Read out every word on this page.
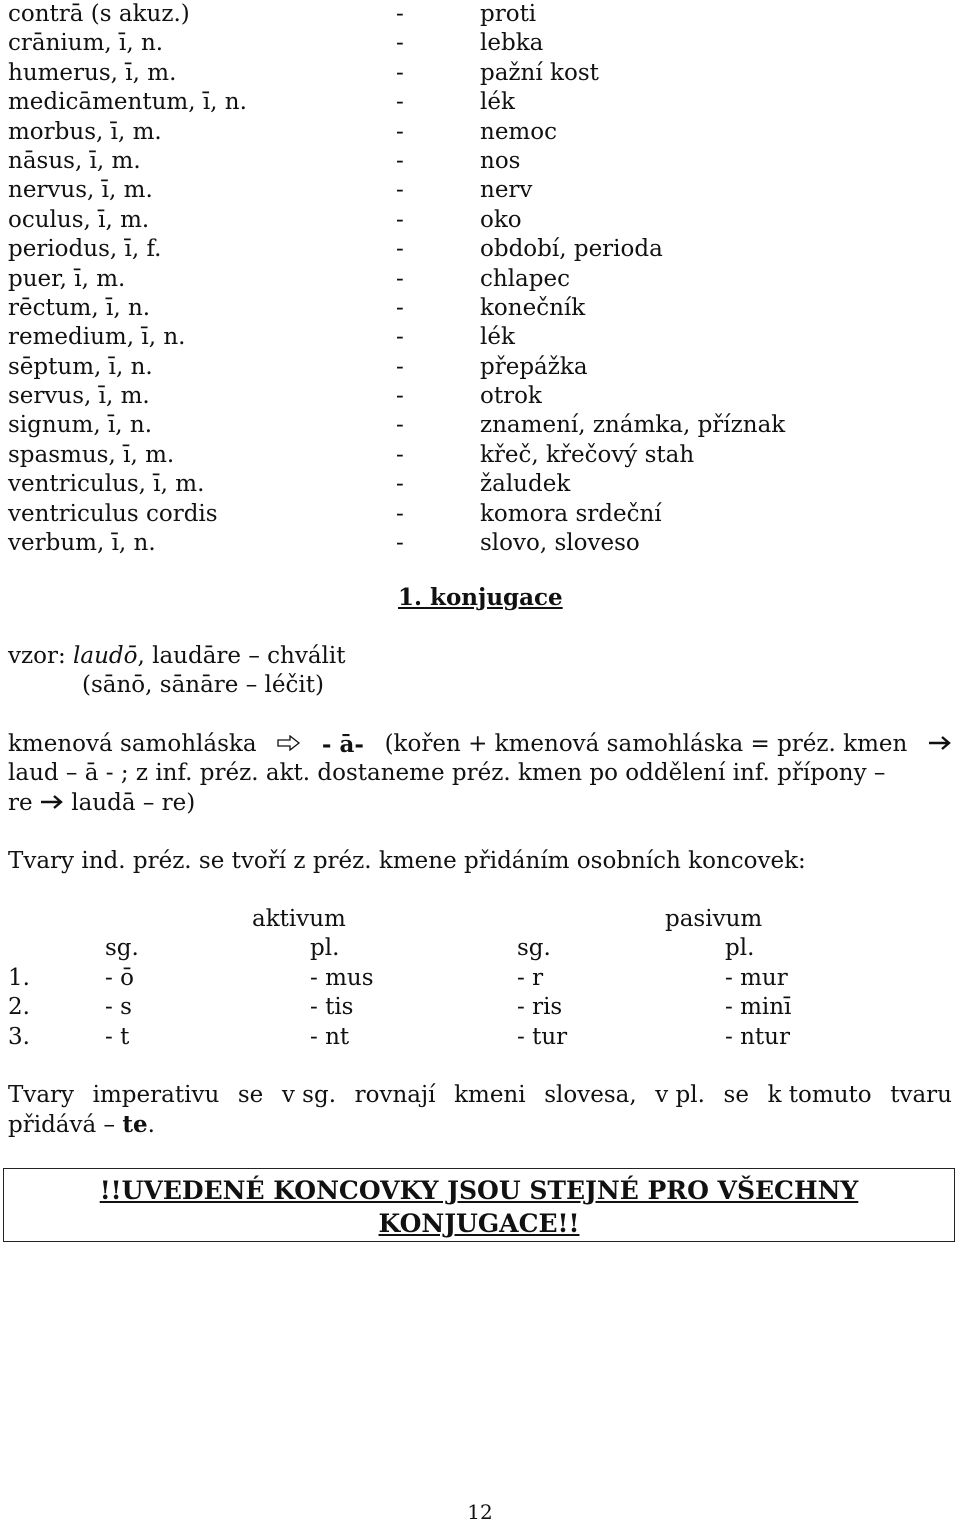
contrā (s akuz.)	-	proti
crānium, ī, n.	-	lebka
humerus, ī, m.	-	pažní kost
medicāmentum, ī, n.	-	lék
morbus, ī, m.	-	nemoc
nāsus, ī, m.	-	nos
nervus, ī, m.	-	nerv
oculus, ī, m.	-	oko
periodus, ī, f.	-	období, perioda
puer, ī, m.	-	chlapec
rēctum, ī, n.	-	konečník
remedium, ī, n.	-	lék
sēptum, ī, n.	-	přepážka
servus, ī, m.	-	otrok
signum, ī, n.	-	znamení, známka, příznak
spasmus, ī, m.	-	křeč, křečový stah
ventriculus, ī, m.	-	žaludek
ventriculus cordis	-	komora srdeční
verbum, ī, n.	-	slovo, sloveso
1. konjugace
vzor: laudō, laudāre – chválit
(sānō, sānāre – léčit)
kmenová samohláska	- ā- (kořen + kmenová samohláska = préz. kmen
laud – ā - ; z inf. préz. akt. dostaneme préz. kmen po oddělení inf. přípony –
re laudā – re)
Tvary ind. préz. se tvoří z préz. kmene přidáním osobních koncovek:
aktivum	pasivum
sg.	pl.	sg.	pl.
1.	- ō	- mus	- r	- mur
2.	- s	- tis	- ris	- minī
3.	- t	- nt	- tur	- ntur
Tvary imperativu se v sg. rovnají kmeni slovesa, v pl. se k tomuto tvaru
přidává – te.
!!UVEDENÉ KONCOVKY JSOU STEJNÉ PRO VŠECHNY
KONJUGACE!!
12
